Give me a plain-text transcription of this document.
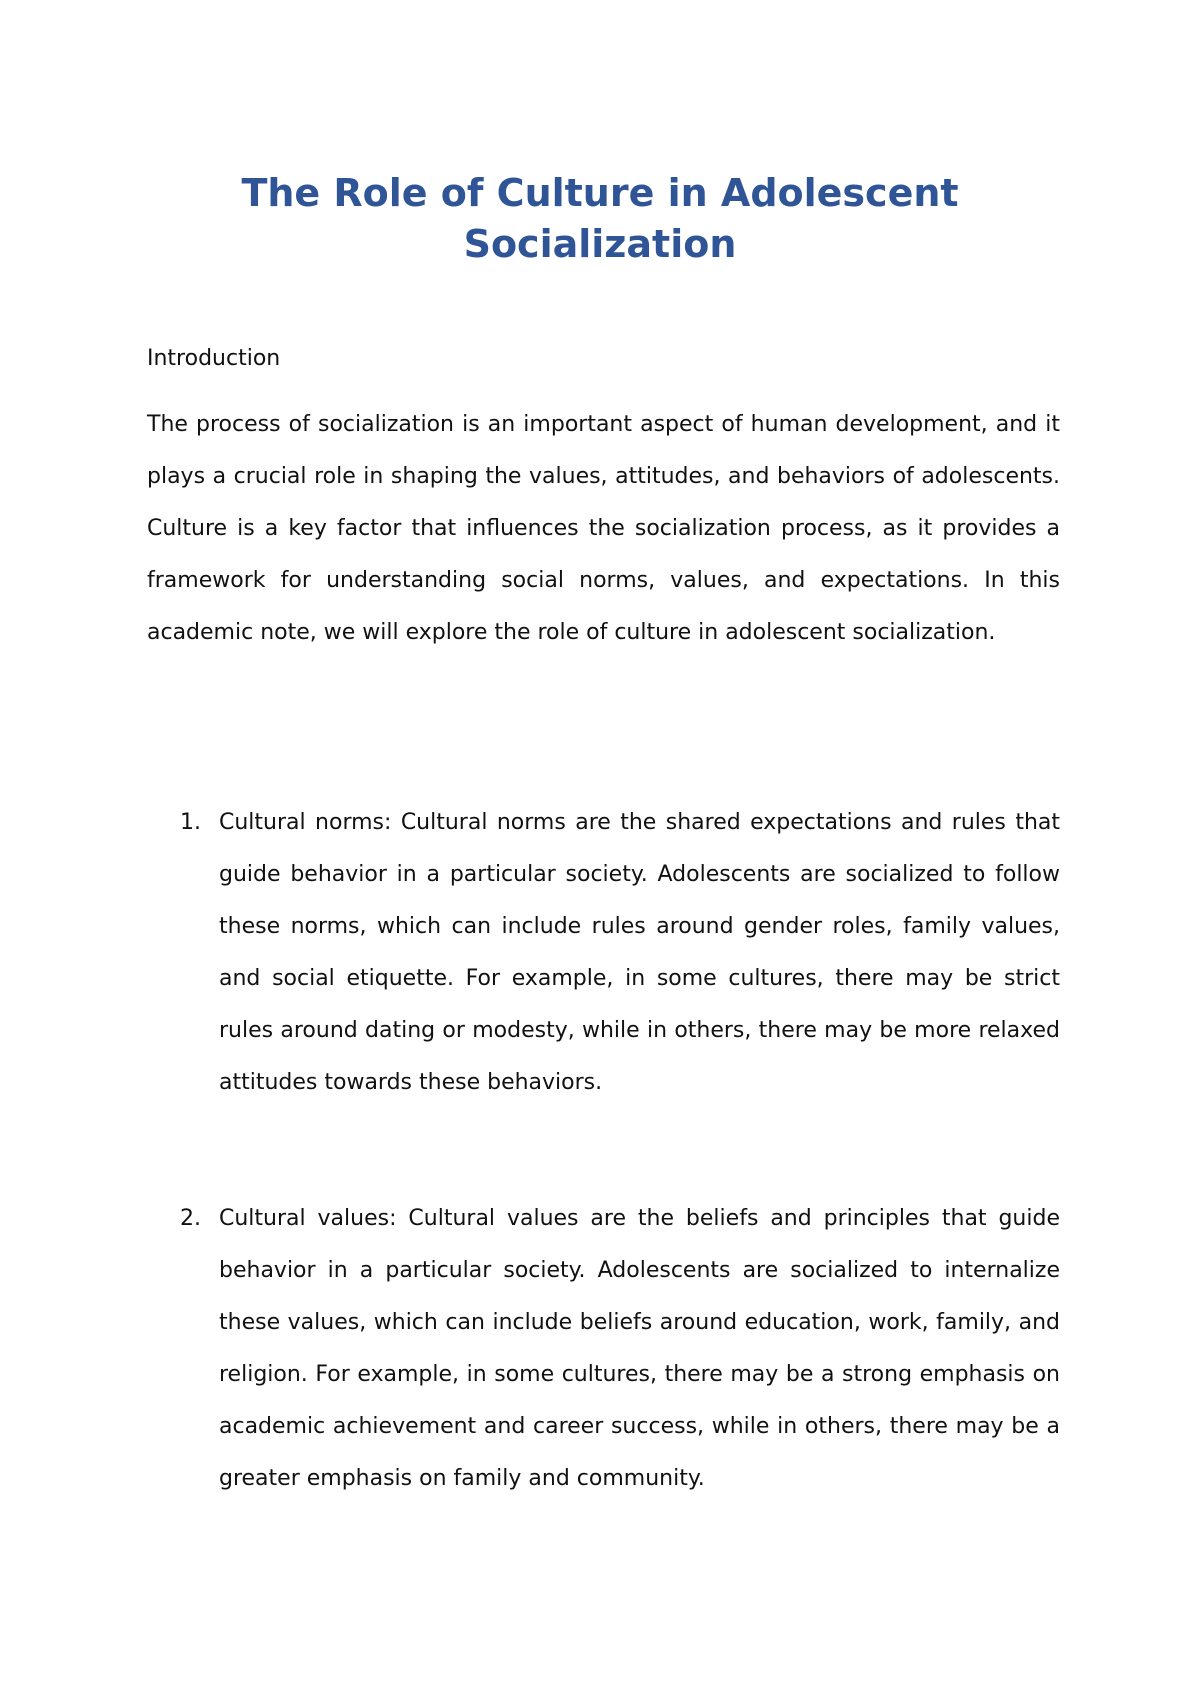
The Role of Culture in Adolescent Socialization

Introduction

The process of socialization is an important aspect of human development, and it plays a crucial role in shaping the values, attitudes, and behaviors of adolescents. Culture is a key factor that influences the socialization process, as it provides a framework for understanding social norms, values, and expectations. In this academic note, we will explore the role of culture in adolescent socialization.

1. Cultural norms: Cultural norms are the shared expectations and rules that guide behavior in a particular society. Adolescents are socialized to follow these norms, which can include rules around gender roles, family values, and social etiquette. For example, in some cultures, there may be strict rules around dating or modesty, while in others, there may be more relaxed attitudes towards these behaviors.

2. Cultural values: Cultural values are the beliefs and principles that guide behavior in a particular society. Adolescents are socialized to internalize these values, which can include beliefs around education, work, family, and religion. For example, in some cultures, there may be a strong emphasis on academic achievement and career success, while in others, there may be a greater emphasis on family and community.
